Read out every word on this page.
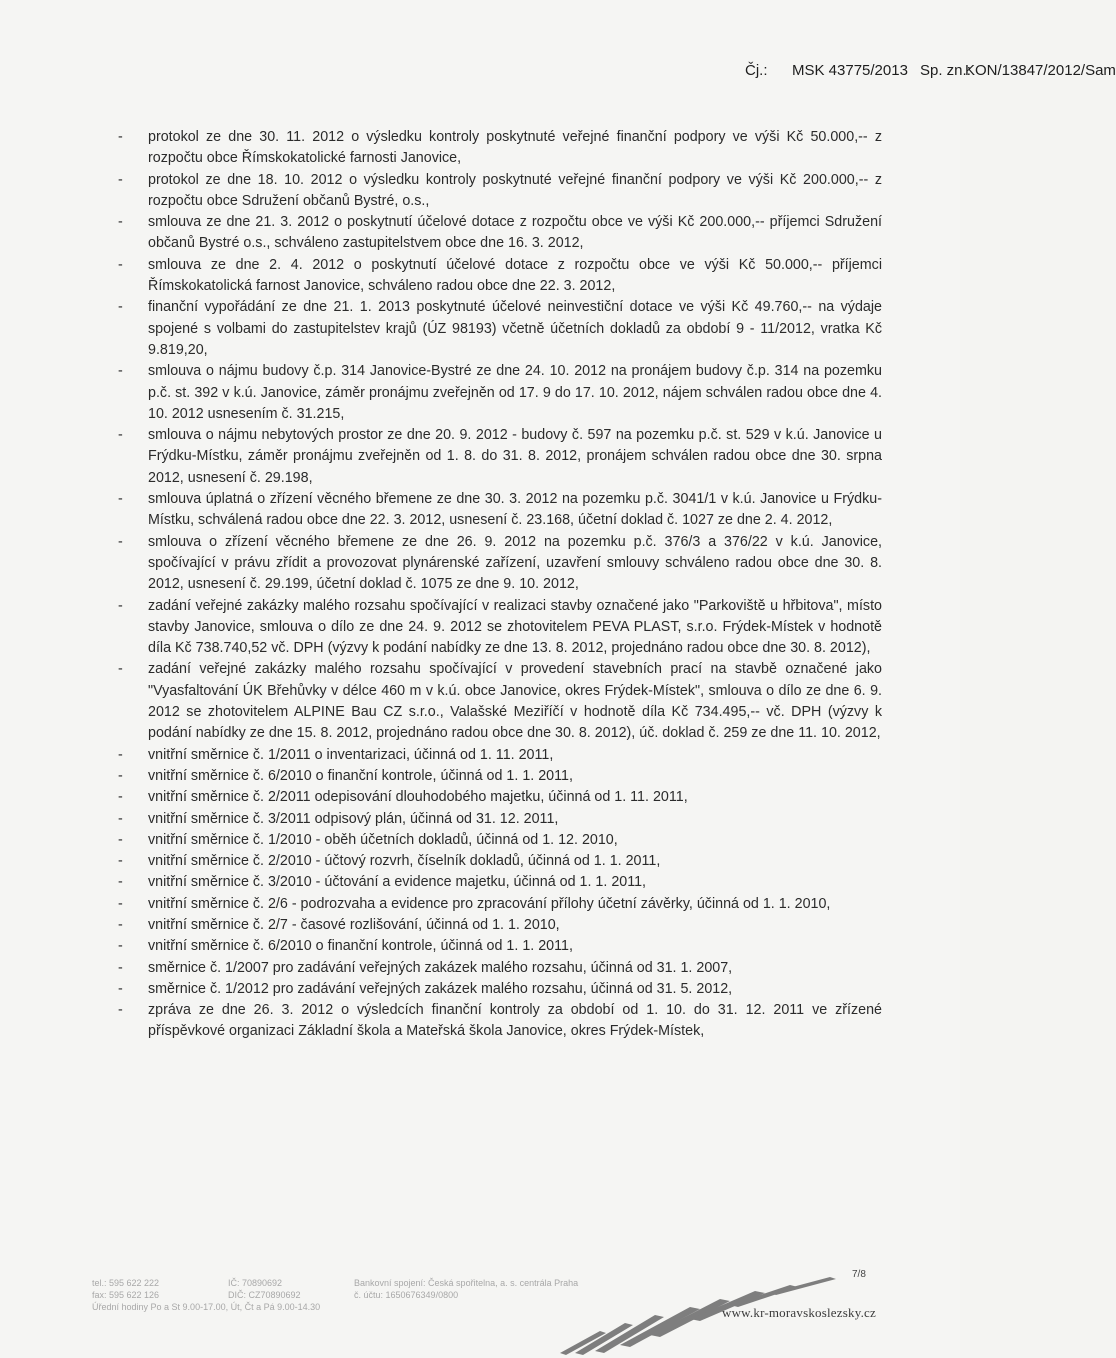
Čj.: MSK 43775/2013 Sp. zn.:
KON/13847/2012/Sam
- protokol ze dne 30. 11. 2012 o výsledku kontroly poskytnuté veřejné finanční podpory ve výši Kč 50.000,-- z rozpočtu obce Římskokatolické farnosti Janovice,
- protokol ze dne 18. 10. 2012 o výsledku kontroly poskytnuté veřejné finanční podpory ve výši Kč 200.000,-- z rozpočtu obce Sdružení občanů Bystré, o.s.,
- smlouva ze dne 21. 3. 2012 o poskytnutí účelové dotace z rozpočtu obce ve výši Kč 200.000,-- příjemci Sdružení občanů Bystré o.s., schváleno zastupitelstvem obce dne 16. 3. 2012,
- smlouva ze dne 2. 4. 2012 o poskytnutí účelové dotace z rozpočtu obce ve výši Kč 50.000,-- příjemci Římskokatolická farnost Janovice, schváleno radou obce dne 22. 3. 2012,
- finanční vypořádání ze dne 21. 1. 2013 poskytnuté účelové neinvestiční dotace ve výši Kč 49.760,-- na výdaje spojené s volbami do zastupitelstev krajů (ÚZ 98193) včetně účetních dokladů za období 9 - 11/2012, vratka Kč 9.819,20,
- smlouva o nájmu budovy č.p. 314 Janovice-Bystré ze dne 24. 10. 2012 na pronájem budovy č.p. 314 na pozemku p.č. st. 392 v k.ú. Janovice, záměr pronájmu zveřejněn od 17. 9 do 17. 10. 2012, nájem schválen radou obce dne 4. 10. 2012 usnesením č. 31.215,
- smlouva o nájmu nebytových prostor ze dne 20. 9. 2012 - budovy č. 597 na pozemku p.č. st. 529 v k.ú. Janovice u Frýdku-Místku, záměr pronájmu zveřejněn od 1. 8. do 31. 8. 2012, pronájem schválen radou obce dne 30. srpna 2012, usnesení č. 29.198,
- smlouva úplatná o zřízení věcného břemene ze dne 30. 3. 2012 na pozemku p.č. 3041/1 v k.ú. Janovice u Frýdku-Místku, schválená radou obce dne 22. 3. 2012, usnesení č. 23.168, účetní doklad č. 1027 ze dne 2. 4. 2012,
- smlouva o zřízení věcného břemene ze dne 26. 9. 2012 na pozemku p.č. 376/3 a 376/22 v k.ú. Janovice, spočívající v právu zřídit a provozovat plynárenské zařízení, uzavření smlouvy schváleno radou obce dne 30. 8. 2012, usnesení č. 29.199, účetní doklad č. 1075 ze dne 9. 10. 2012,
- zadání veřejné zakázky malého rozsahu spočívající v realizaci stavby označené jako "Parkoviště u hřbitova", místo stavby Janovice, smlouva o dílo ze dne 24. 9. 2012 se zhotovitelem PEVA PLAST, s.r.o. Frýdek-Místek v hodnotě díla Kč 738.740,52 vč. DPH (výzvy k podání nabídky ze dne 13. 8. 2012, projednáno radou obce dne 30. 8. 2012),
- zadání veřejné zakázky malého rozsahu spočívající v provedení stavebních prací na stavbě označené jako "Vyasfaltování ÚK Břehůvky v délce 460 m v k.ú. obce Janovice, okres Frýdek-Místek", smlouva o dílo ze dne 6. 9. 2012 se zhotovitelem ALPINE Bau CZ s.r.o., Valašské Meziříčí v hodnotě díla Kč 734.495,-- vč. DPH (výzvy k podání nabídky ze dne 15. 8. 2012, projednáno radou obce dne 30. 8. 2012), úč. doklad č. 259 ze dne 11. 10. 2012,
- vnitřní směrnice č. 1/2011 o inventarizaci, účinná od 1. 11. 2011,
- vnitřní směrnice č. 6/2010 o finanční kontrole, účinná od 1. 1. 2011,
- vnitřní směrnice č. 2/2011 odepisování dlouhodobého majetku, účinná od 1. 11. 2011,
- vnitřní směrnice č. 3/2011 odpisový plán, účinná od 31. 12. 2011,
- vnitřní směrnice č. 1/2010 - oběh účetních dokladů, účinná od 1. 12. 2010,
- vnitřní směrnice č. 2/2010 - účtový rozvrh, číselník dokladů, účinná od 1. 1. 2011,
- vnitřní směrnice č. 3/2010 - účtování a evidence majetku, účinná od 1. 1. 2011,
- vnitřní směrnice č. 2/6 - podrozvaha a evidence pro zpracování přílohy účetní závěrky, účinná od 1. 1. 2010,
- vnitřní směrnice č. 2/7 - časové rozlišování, účinná od 1. 1. 2010,
- vnitřní směrnice č. 6/2010 o finanční kontrole, účinná od 1. 1. 2011,
- směrnice č. 1/2007 pro zadávání veřejných zakázek malého rozsahu, účinná od 31. 1. 2007,
- směrnice č. 1/2012 pro zadávání veřejných zakázek malého rozsahu, účinná od 31. 5. 2012,
- zpráva ze dne 26. 3. 2012 o výsledcích finanční kontroly za období od 1. 10. do 31. 12. 2011 ve zřízené příspěvkové organizaci Základní škola a Mateřská škola Janovice, okres Frýdek-Místek,
tel.: 595 622 222
fax: 595 622 126
Úřední hodiny Po a St 9.00-17.00, Út, Čt a Pá 9.00-14.30
IČ: 70890692
DIČ: CZ70890692
Bankovní spojení: Česká spořitelna, a. s. centrála Praha
č. účtu: 1650676349/0800
7/8
www.kr-moravskoslezsky.cz
